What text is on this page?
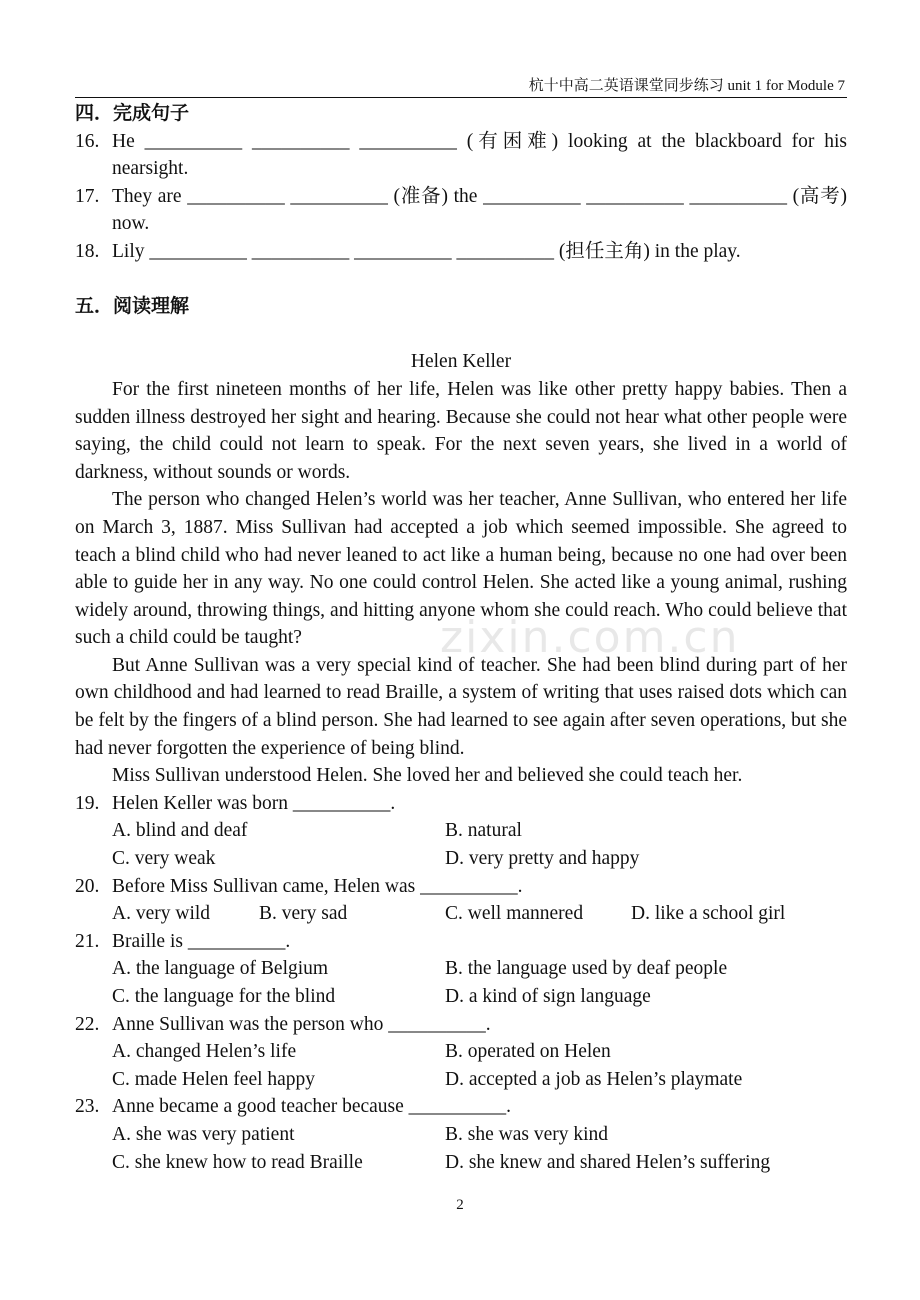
杭十中高二英语课堂同步练习 unit 1 for Module 7
zixin.com.cn
四．完成句子
16. He __________ __________ __________ (有困难) looking at the blackboard for his nearsight.
17. They are __________ __________ (准备) the __________ __________ __________ (高考) now.
18. Lily __________ __________ __________ __________ (担任主角) in the play.
五．阅读理解
Helen Keller

For the first nineteen months of her life, Helen was like other pretty happy babies. Then a sudden illness destroyed her sight and hearing. Because she could not hear what other people were saying, the child could not learn to speak. For the next seven years, she lived in a world of darkness, without sounds or words.

The person who changed Helen’s world was her teacher, Anne Sullivan, who entered her life on March 3, 1887. Miss Sullivan had accepted a job which seemed impossible. She agreed to teach a blind child who had never leaned to act like a human being, because no one had over been able to guide her in any way. No one could control Helen. She acted like a young animal, rushing widely around, throwing things, and hitting anyone whom she could reach. Who could believe that such a child could be taught?

But Anne Sullivan was a very special kind of teacher. She had been blind during part of her own childhood and had learned to read Braille, a system of writing that uses raised dots which can be felt by the fingers of a blind person. She had learned to see again after seven operations, but she had never forgotten the experience of being blind.

Miss Sullivan understood Helen. She loved her and believed she could teach her.

19. Helen Keller was born __________.
A. blind and deaf	B. natural
C. very weak	D. very pretty and happy
20. Before Miss Sullivan came, Helen was __________.
A. very wild	B. very sad	C. well mannered	D. like a school girl
21. Braille is __________.
A. the language of Belgium	B. the language used by deaf people
C. the language for the blind	D. a kind of sign language
22. Anne Sullivan was the person who __________.
A. changed Helen’s life	B. operated on Helen
C. made Helen feel happy	D. accepted a job as Helen’s playmate
23. Anne became a good teacher because __________.
A. she was very patient	B. she was very kind
C. she knew how to read Braille	D. she knew and shared Helen’s suffering
2
